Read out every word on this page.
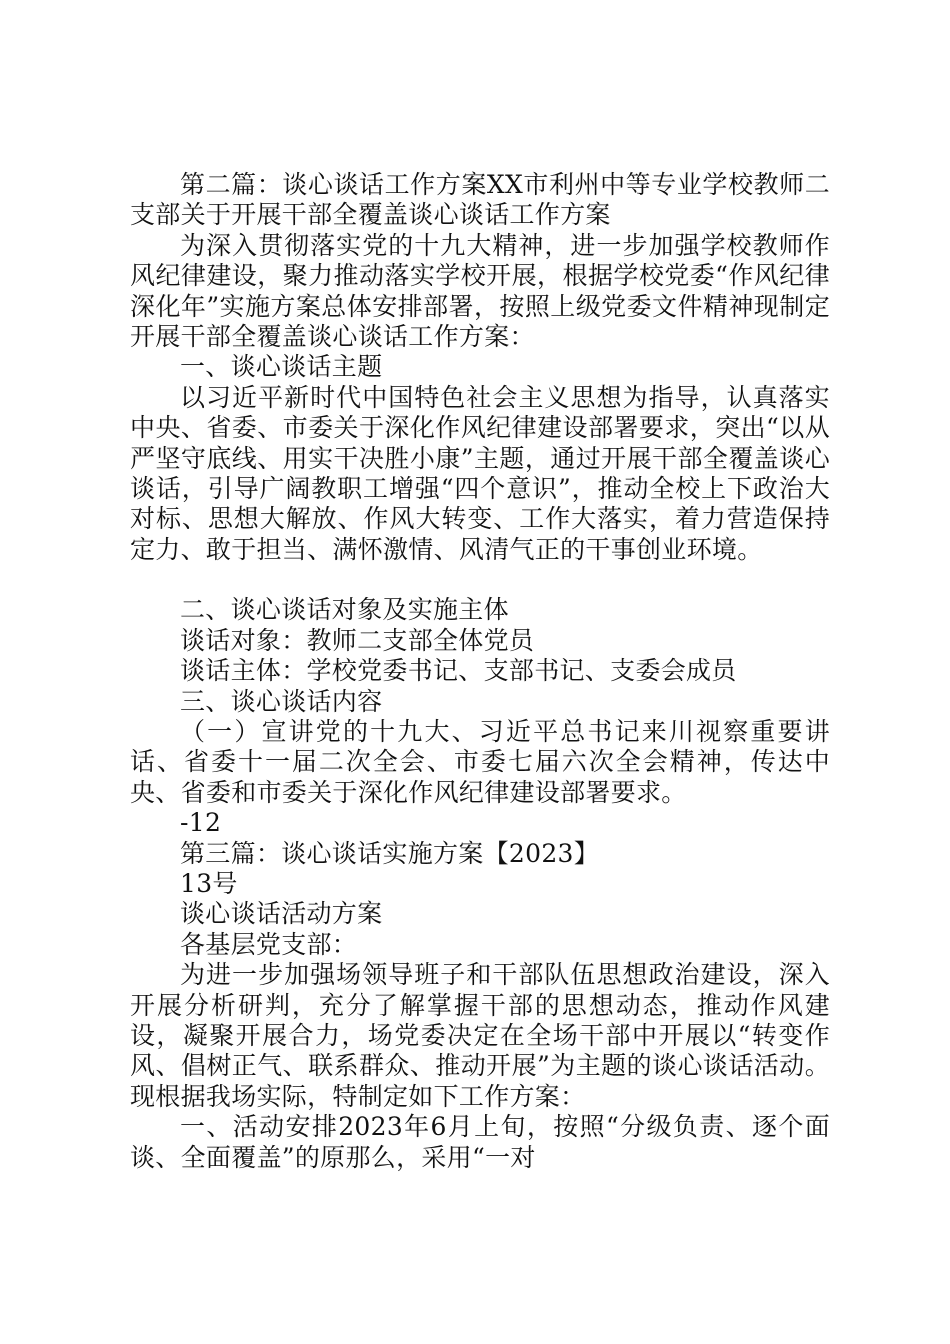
第二篇：谈心谈话工作方案XX市利州中等专业学校教师二支部关于开展干部全覆盖谈心谈话工作方案

为深入贯彻落实党的十九大精神，进一步加强学校教师作风纪律建设，聚力推动落实学校开展，根据学校党委“作风纪律深化年”实施方案总体安排部署，按照上级党委文件精神现制定开展干部全覆盖谈心谈话工作方案：

一、谈心谈话主题

以习近平新时代中国特色社会主义思想为指导，认真落实中央、省委、市委关于深化作风纪律建设部署要求，突出“以从严坚守底线、用实干决胜小康”主题，通过开展干部全覆盖谈心谈话，引导广阔教职工增强“四个意识”，推动全校上下政治大对标、思想大解放、作风大转变、工作大落实，着力营造保持定力、敢于担当、满怀激情、风清气正的干事创业环境。

二、谈心谈话对象及实施主体

谈话对象：教师二支部全体党员

谈话主体：学校党委书记、支部书记、支委会成员

三、谈心谈话内容

（一）宣讲党的十九大、习近平总书记来川视察重要讲话、省委十一届二次全会、市委七届六次全会精神，传达中央、省委和市委关于深化作风纪律建设部署要求。

-12

第三篇：谈心谈话实施方案【2023】

13号

谈心谈话活动方案

各基层党支部：

为进一步加强场领导班子和干部队伍思想政治建设，深入开展分析研判，充分了解掌握干部的思想动态，推动作风建设，凝聚开展合力，场党委决定在全场干部中开展以“转变作风、倡树正气、联系群众、推动开展”为主题的谈心谈话活动。现根据我场实际，特制定如下工作方案：

一、活动安排2023年6月上旬，按照“分级负责、逐个面谈、全面覆盖”的原那么，采用“一对
